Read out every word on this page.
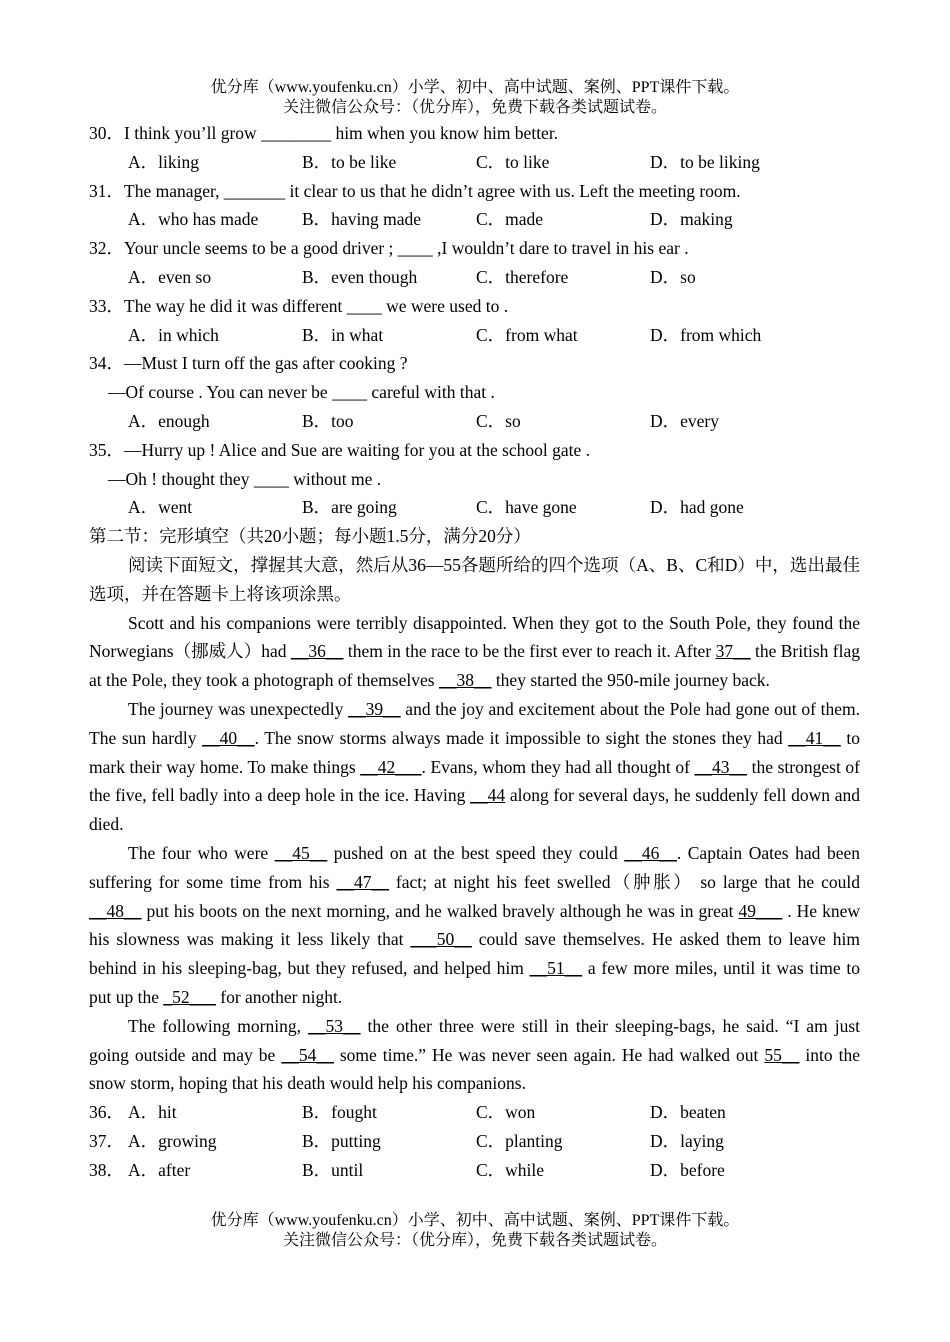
优分库（www.youfenku.cn）小学、初中、高中试题、案例、PPT课件下载。
关注微信公众号：（优分库），免费下载各类试题试卷。
30．I think you’ll grow ________ him when you know him better.
A．liking	B．to be like	C．to like	D．to be liking
31．The manager, _______ it clear to us that he didn’t agree with us. Left the meeting room.
A．who has made	B．having made	C．made	D．making
32．Your uncle seems to be a good driver ; ____ ,I wouldn’t dare to travel in his ear .
A．even so	B．even though	C．therefore	D．so
33．The way he did it was different ____ we were used to .
A．in which	B．in what	C．from what	D．from which
34．—Must I turn off the gas after cooking ?
—Of course . You can never be ____ careful with that .
A．enough	B．too	C．so	D．every
35．—Hurry up ! Alice and Sue are waiting for you at the school gate .
—Oh ! thought they ____ without me .
A．went	B．are going	C．have gone	D．had gone
第二节：完形填空（共20小题；每小题1.5分，满分20分）
阅读下面短文，撑握其大意，然后从36—55各题所给的四个选项（A、B、C和D）中，选出最佳选项，并在答题卡上将该项涂黑。
Scott and his companions were terribly disappointed. When they got to the South Pole, they found the Norwegians（挪威人）had __36__ them in the race to be the first ever to reach it. After 37__ the British flag at the Pole, they took a photograph of themselves __38__ they started the 950-mile journey back.
The journey was unexpectedly __39__ and the joy and excitement about the Pole had gone out of them. The sun hardly __40__. The snow storms always made it impossible to sight the stones they had __41__ to mark their way home. To make things __42___. Evans, whom they had all thought of __43__ the strongest of the five, fell badly into a deep hole in the ice. Having __44 along for several days, he suddenly fell down and died.
The four who were __45__ pushed on at the best speed they could __46__. Captain Oates had been suffering for some time from his __47__ fact; at night his feet swelled（肿胀） so large that he could __48__ put his boots on the next morning, and he walked bravely although he was in great 49___ . He knew his slowness was making it less likely that ___50__ could save themselves. He asked them to leave him behind in his sleeping-bag, but they refused, and helped him __51__ a few more miles, until it was time to put up the _52___ for another night.
The following morning, __53__ the other three were still in their sleeping-bags, he said. “I am just going outside and may be __54__ some time.” He was never seen again. He had walked out 55__ into the snow storm, hoping that his death would help his companions.
36． A．hit	B．fought	C．won	D．beaten
37． A．growing	B．putting	C．planting	D．laying
38． A．after	B．until	C．while	D．before
优分库（www.youfenku.cn）小学、初中、高中试题、案例、PPT课件下载。
关注微信公众号：（优分库），免费下载各类试题试卷。
